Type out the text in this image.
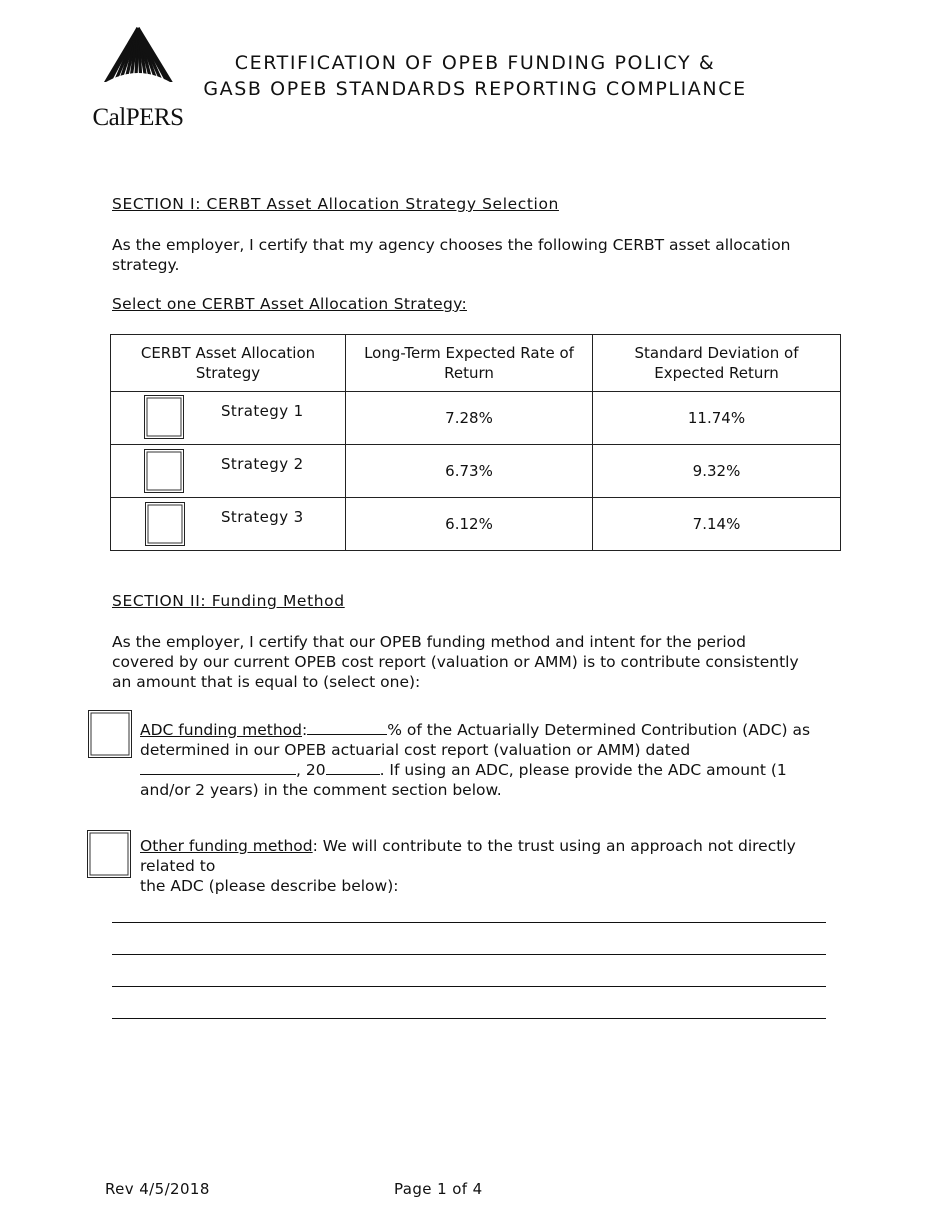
CalPERS
CERTIFICATION OF OPEB FUNDING POLICY &
GASB OPEB STANDARDS REPORTING COMPLIANCE
SECTION I: CERBT Asset Allocation Strategy Selection
As the employer, I certify that my agency chooses the following CERBT asset allocation strategy.
Select one CERBT Asset Allocation Strategy:
CERBT Asset Allocation Strategy	Long-Term Expected Rate of Return	Standard Deviation of Expected Return

Strategy 1	7.28%	11.74%

Strategy 2	6.73%	9.32%

Strategy 3	6.12%	7.14%
SECTION II: Funding Method
As the employer, I certify that our OPEB funding method and intent for the period
covered by our current OPEB cost report (valuation or AMM) is to contribute consistently
an amount that is equal to (select one):
ADC funding method:	% of the Actuarially Determined Contribution (ADC) as
determined in our OPEB actuarial cost report (valuation or AMM) dated
, 20	. If using an ADC, please provide the ADC amount (1
and/or 2 years) in the comment section below.
Other funding method: We will contribute to the trust using an approach not directly related to
the ADC (please describe below):
Rev 4/5/2018	Page 1 of 4
